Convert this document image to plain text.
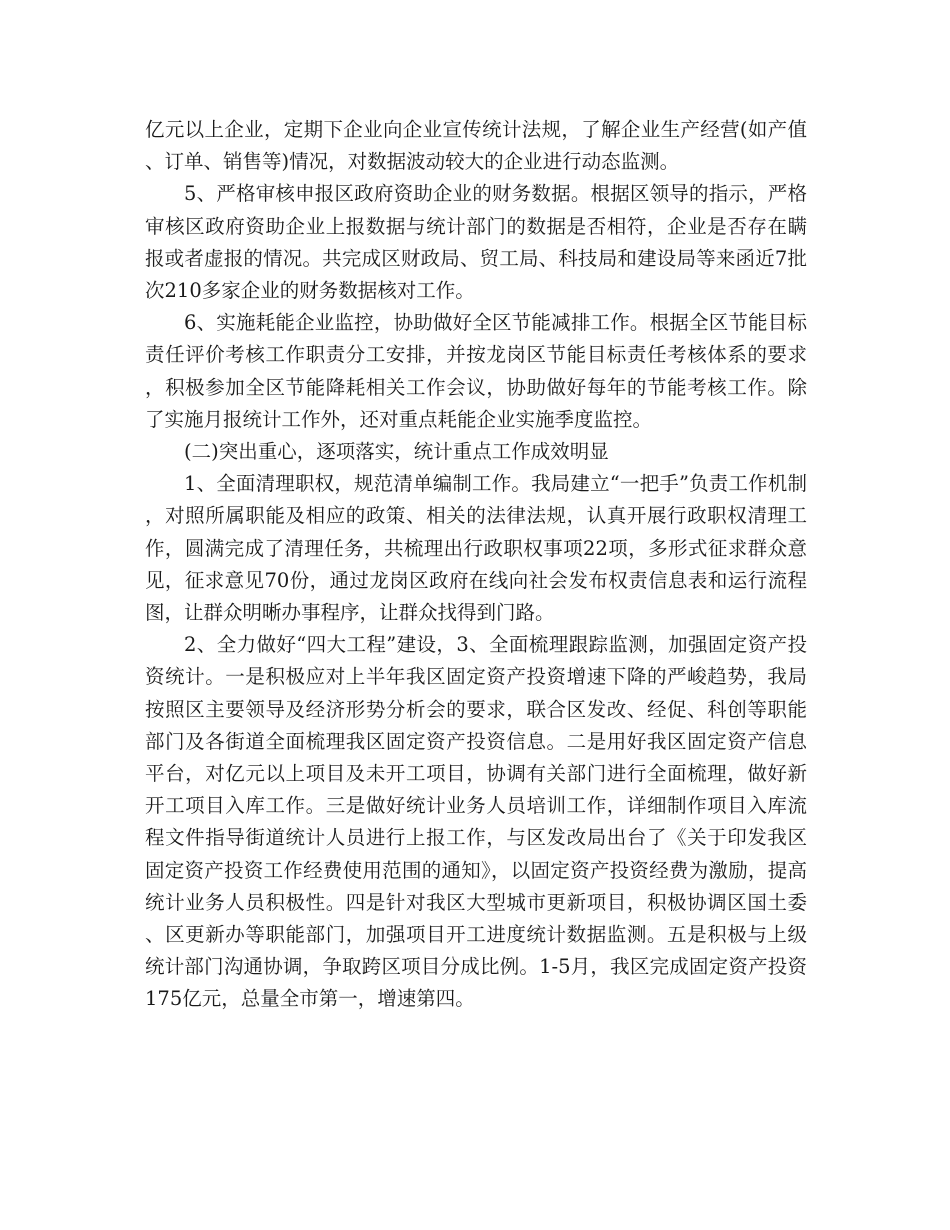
亿元以上企业，定期下企业向企业宣传统计法规，了解企业生产经营(如产值、订单、销售等)情况，对数据波动较大的企业进行动态监测。

5、严格审核申报区政府资助企业的财务数据。根据区领导的指示，严格审核区政府资助企业上报数据与统计部门的数据是否相符，企业是否存在瞒报或者虚报的情况。共完成区财政局、贸工局、科技局和建设局等来函近7批次210多家企业的财务数据核对工作。

6、实施耗能企业监控，协助做好全区节能减排工作。根据全区节能目标责任评价考核工作职责分工安排，并按龙岗区节能目标责任考核体系的要求，积极参加全区节能降耗相关工作会议，协助做好每年的节能考核工作。除了实施月报统计工作外，还对重点耗能企业实施季度监控。

(二)突出重心，逐项落实，统计重点工作成效明显

1、全面清理职权，规范清单编制工作。我局建立“一把手”负责工作机制，对照所属职能及相应的政策、相关的法律法规，认真开展行政职权清理工作，圆满完成了清理任务，共梳理出行政职权事项22项，多形式征求群众意见，征求意见70份，通过龙岗区政府在线向社会发布权责信息表和运行流程图，让群众明晰办事程序，让群众找得到门路。

2、全力做好“四大工程”建设，3、全面梳理跟踪监测，加强固定资产投资统计。一是积极应对上半年我区固定资产投资增速下降的严峻趋势，我局按照区主要领导及经济形势分析会的要求，联合区发改、经促、科创等职能部门及各街道全面梳理我区固定资产投资信息。二是用好我区固定资产信息平台，对亿元以上项目及未开工项目，协调有关部门进行全面梳理，做好新开工项目入库工作。三是做好统计业务人员培训工作，详细制作项目入库流程文件指导街道统计人员进行上报工作，与区发改局出台了《关于印发我区固定资产投资工作经费使用范围的通知》，以固定资产投资经费为激励，提高统计业务人员积极性。四是针对我区大型城市更新项目，积极协调区国土委、区更新办等职能部门，加强项目开工进度统计数据监测。五是积极与上级统计部门沟通协调，争取跨区项目分成比例。1-5月，我区完成固定资产投资175亿元，总量全市第一，增速第四。
